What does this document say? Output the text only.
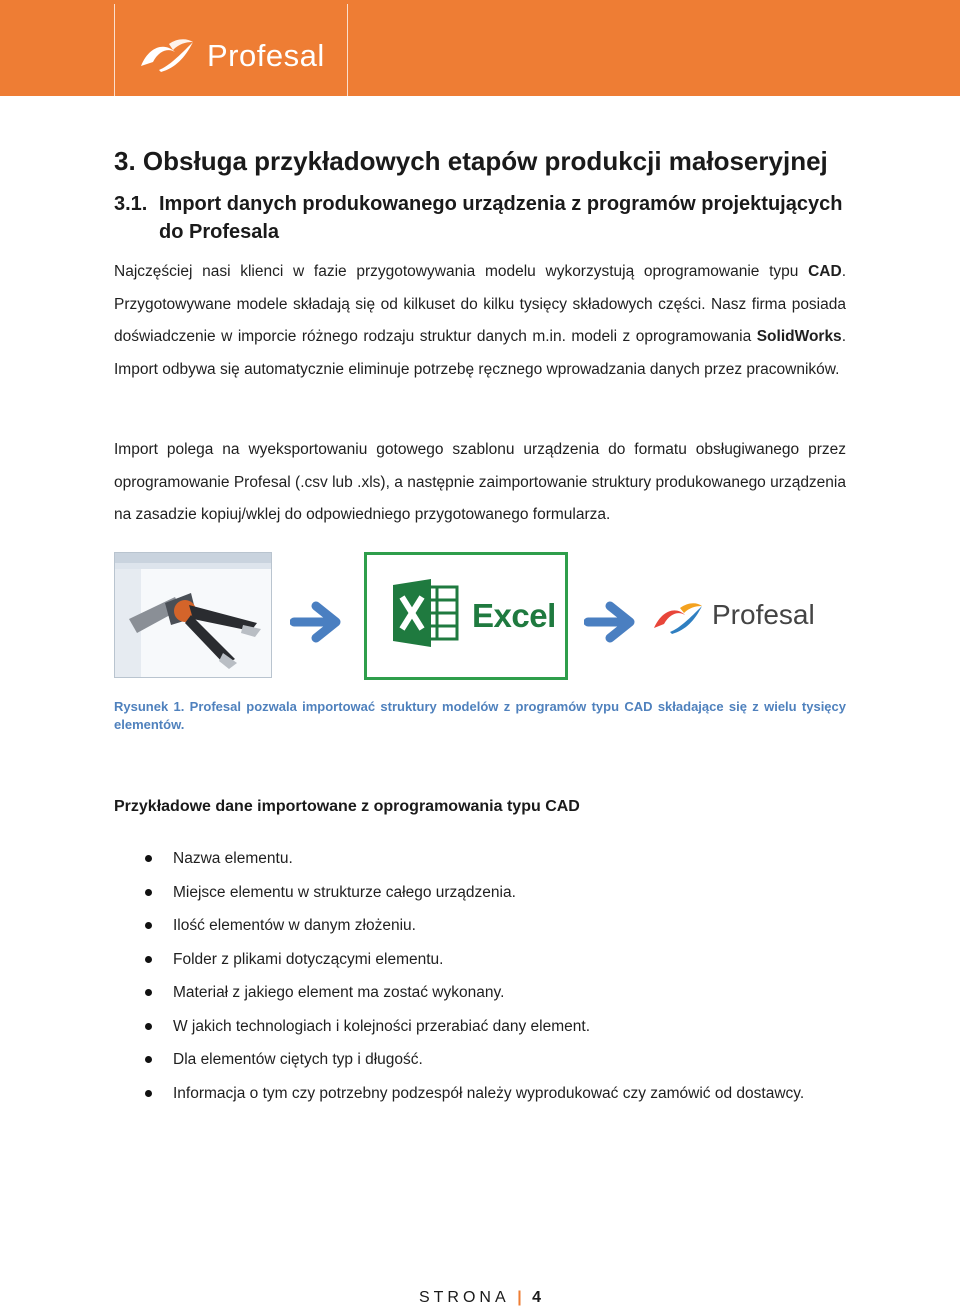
Profesal
3. Obsługa przykładowych etapów produkcji małoseryjnej
3.1. Import danych produkowanego urządzenia z programów projektujących
do Profesala

Najczęściej nasi klienci w fazie przygotowywania modelu wykorzystują oprogramowanie typu CAD. Przygotowywane modele składają się od kilkuset do kilku tysięcy składowych części. Nasz firma posiada doświadczenie w imporcie różnego rodzaju struktur danych m.in. modeli z oprogramowania SolidWorks. Import odbywa się automatycznie eliminuje potrzebę ręcznego wprowadzania danych przez pracowników.

Import polega na wyeksportowaniu gotowego szablonu urządzenia do formatu obsługiwanego przez oprogramowanie Profesal (.csv lub .xls), a następnie zaimportowanie struktury produkowanego urządzenia na zasadzie kopiuj/wklej do odpowiedniego przygotowanego formularza.

Excel	Profesal

Rysunek 1. Profesal pozwala importować struktury modelów z programów typu CAD składające się z wielu tysięcy elementów.

Przykładowe dane importowane z oprogramowania typu CAD

Nazwa elementu.
Miejsce elementu w strukturze całego urządzenia.
Ilość elementów w danym złożeniu.
Folder z plikami dotyczącymi elementu.
Materiał z jakiego element ma zostać wykonany.
W jakich technologiach i kolejności przerabiać dany element.
Dla elementów ciętych typ i długość.
Informacja o tym czy potrzebny podzespół należy wyprodukować czy zamówić od dostawcy.
STRONA | 4
